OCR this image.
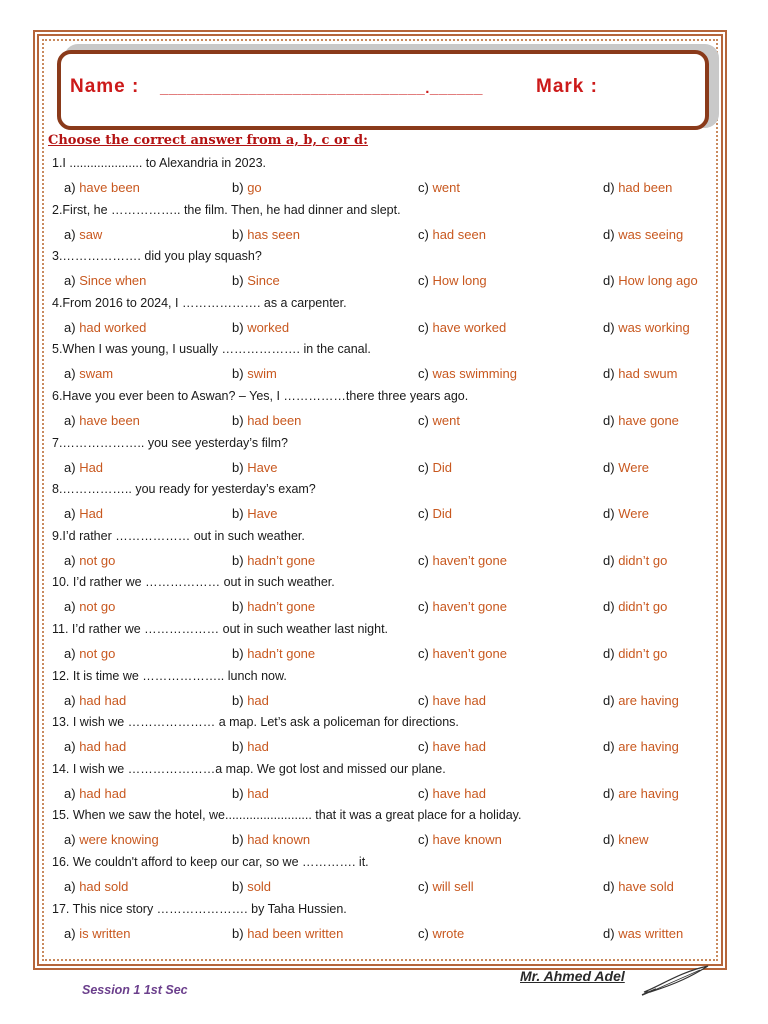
Name : ______________________________.______	Mark :
Choose the correct answer from a, b, c or d:
1.I ..................... to Alexandria in 2023.
a) have been	b) go	c) went	d) had been
2.First, he …………….. the film. Then, he had dinner and slept.
a) saw	b) has seen	c) had seen	d) was seeing
3.………………. did you play squash?
a) Since when	b) Since	c) How long	d) How long ago
4.From 2016 to 2024, I ………………. as a carpenter.
a) had worked	b) worked	c) have worked	d) was working
5.When I was young, I usually ………………. in the canal.
a) swam	b) swim	c) was swimming	d) had swum
6.Have you ever been to Aswan? – Yes, I ……………there three years ago.
a) have been	b) had been	c) went	d) have gone
7.……………….. you see yesterday’s film?
a) Had	b) Have	c) Did	d) Were
8.…………….. you ready for yesterday’s exam?
a) Had	b) Have	c) Did	d) Were
9.I’d rather ……………… out in such weather.
a) not go	b) hadn’t gone	c) haven’t gone	d) didn’t go
10. I’d rather we ……………… out in such weather.
a) not go	b) hadn’t gone	c) haven’t gone	d) didn’t go
11. I’d rather we ……………… out in such weather last night.
a) not go	b) hadn’t gone	c) haven’t gone	d) didn’t go
12. It is time we ……………….. lunch now.
a) had had	b) had	c) have had	d) are having
13. I wish we ………………… a map. Let’s ask a policeman for directions.
a) had had	b) had	c) have had	d) are having
14. I wish we …………………a map. We got lost and missed our plane.
a) had had	b) had	c) have had	d) are having
15. When we saw the hotel, we......................... that it was a great place for a holiday.
a) were knowing	b) had known	c) have known	d) knew
16. We couldn't afford to keep our car, so we …………. it.
a) had sold	b) sold	c) will sell	d) have sold
17. This nice story …………………. by Taha Hussien.
a) is written	b) had been written	c) wrote	d) was written
Session 1 1st Sec
Mr. Ahmed Adel
